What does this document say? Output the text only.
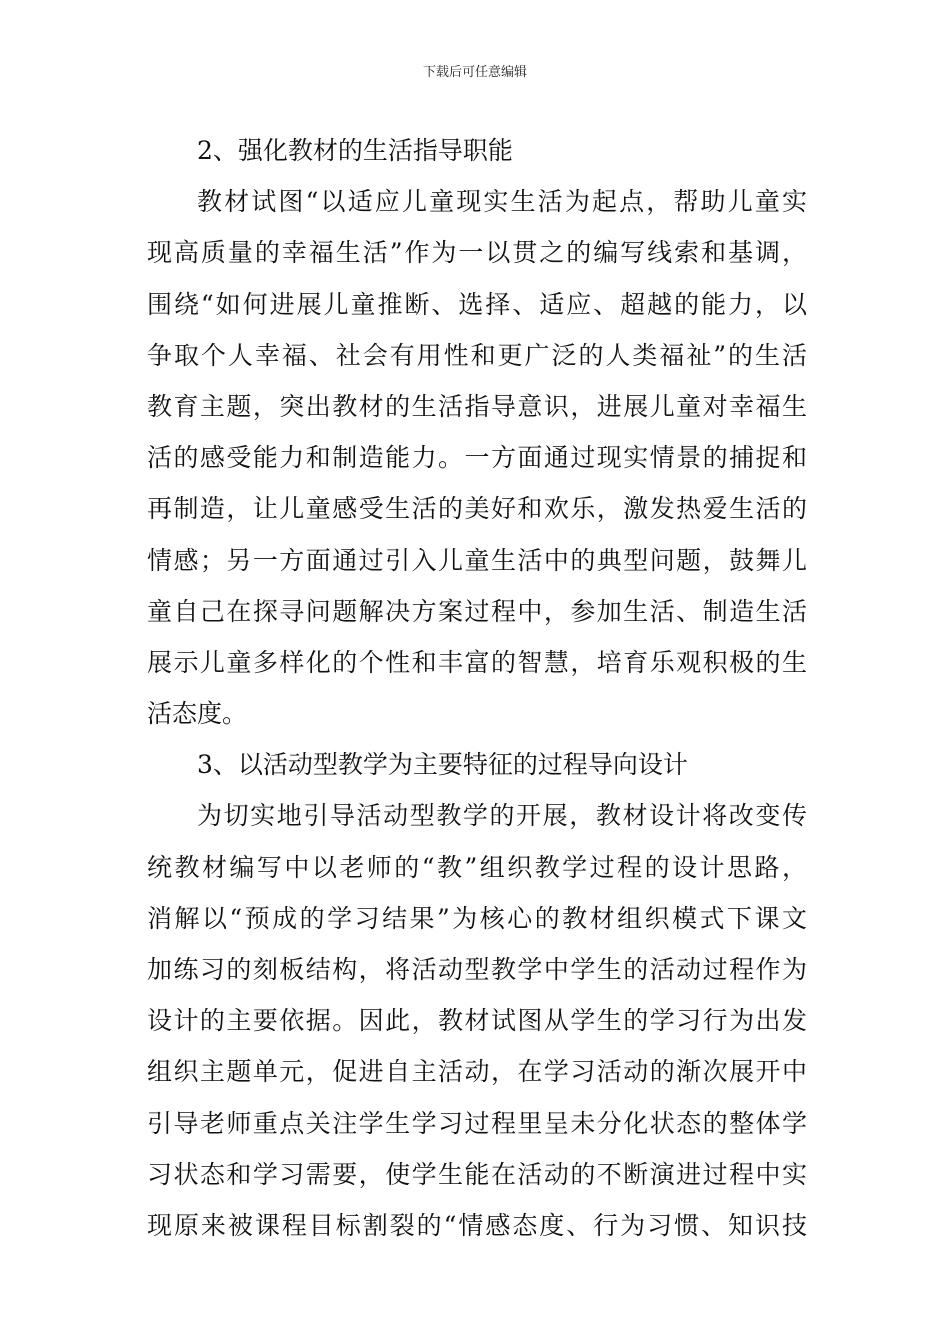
下载后可任意编辑
2、强化教材的生活指导职能
教材试图“以适应儿童现实生活为起点，帮助儿童实
现高质量的幸福生活”作为一以贯之的编写线索和基调，
围绕“如何进展儿童推断、选择、适应、超越的能力，以
争取个人幸福、社会有用性和更广泛的人类福祉”的生活
教育主题，突出教材的生活指导意识，进展儿童对幸福生
活的感受能力和制造能力。一方面通过现实情景的捕捉和
再制造，让儿童感受生活的美好和欢乐，激发热爱生活的
情感；另一方面通过引入儿童生活中的典型问题，鼓舞儿
童自己在探寻问题解决方案过程中，参加生活、制造生活
展示儿童多样化的个性和丰富的智慧，培育乐观积极的生
活态度。
3、以活动型教学为主要特征的过程导向设计
为切实地引导活动型教学的开展，教材设计将改变传
统教材编写中以老师的“教”组织教学过程的设计思路，
消解以“预成的学习结果”为核心的教材组织模式下课文
加练习的刻板结构，将活动型教学中学生的活动过程作为
设计的主要依据。因此，教材试图从学生的学习行为出发
组织主题单元，促进自主活动，在学习活动的渐次展开中
引导老师重点关注学生学习过程里呈未分化状态的整体学
习状态和学习需要，使学生能在活动的不断演进过程中实
现原来被课程目标割裂的“情感态度、行为习惯、知识技
